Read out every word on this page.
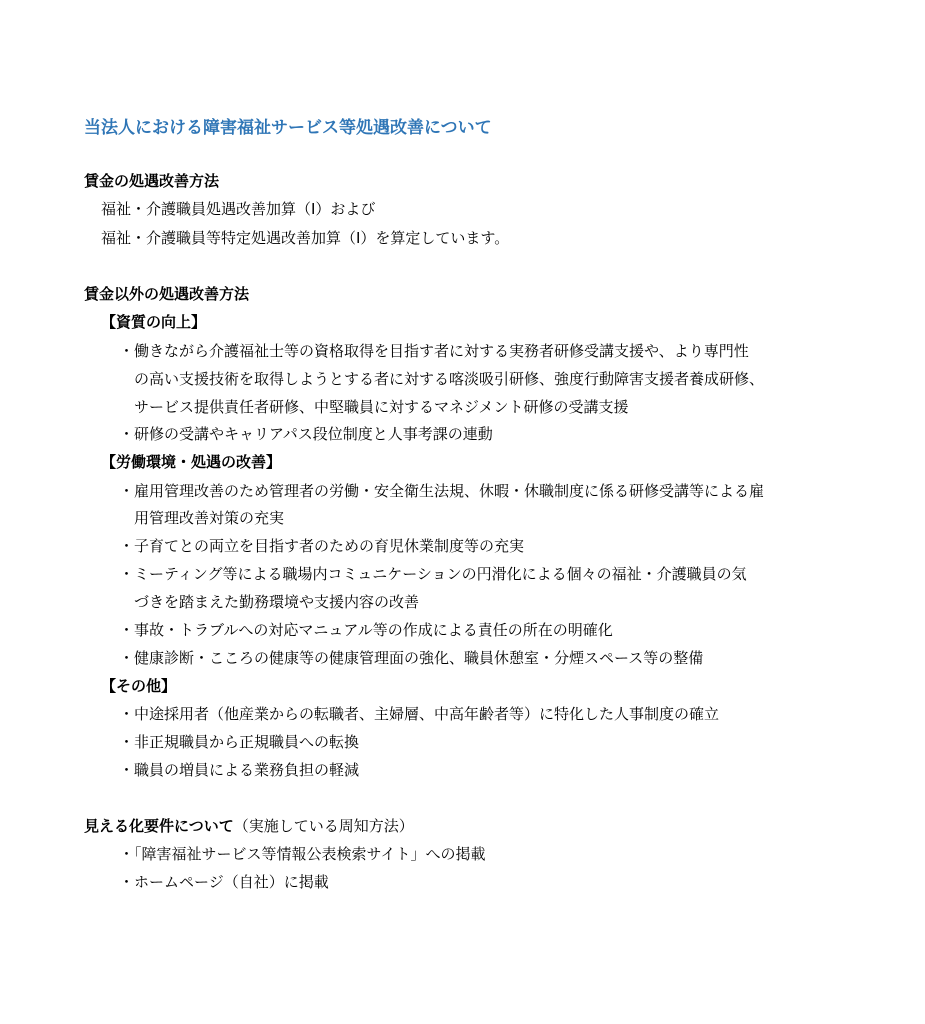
当法人における障害福祉サービス等処遇改善について
賃金の処遇改善方法
福祉・介護職員処遇改善加算（Ⅰ）および
福祉・介護職員等特定処遇改善加算（Ⅰ）を算定しています。
賃金以外の処遇改善方法
【資質の向上】
・働きながら介護福祉士等の資格取得を目指す者に対する実務者研修受講支援や、より専門性
の高い支援技術を取得しようとする者に対する喀淡吸引研修、強度行動障害支援者養成研修、
サービス提供責任者研修、中堅職員に対するマネジメント研修の受講支援
・研修の受講やキャリアパス段位制度と人事考課の連動
【労働環境・処遇の改善】
・雇用管理改善のため管理者の労働・安全衛生法規、休暇・休職制度に係る研修受講等による雇
用管理改善対策の充実
・子育てとの両立を目指す者のための育児休業制度等の充実
・ミーティング等による職場内コミュニケーションの円滑化による個々の福祉・介護職員の気
づきを踏まえた勤務環境や支援内容の改善
・事故・トラブルへの対応マニュアル等の作成による責任の所在の明確化
・健康診断・こころの健康等の健康管理面の強化、職員休憩室・分煙スペース等の整備
【その他】
・中途採用者（他産業からの転職者、主婦層、中高年齢者等）に特化した人事制度の確立
・非正規職員から正規職員への転換
・職員の増員による業務負担の軽減
見える化要件について（実施している周知方法）
・「障害福祉サービス等情報公表検索サイト」への掲載
・ホームページ（自社）に掲載
